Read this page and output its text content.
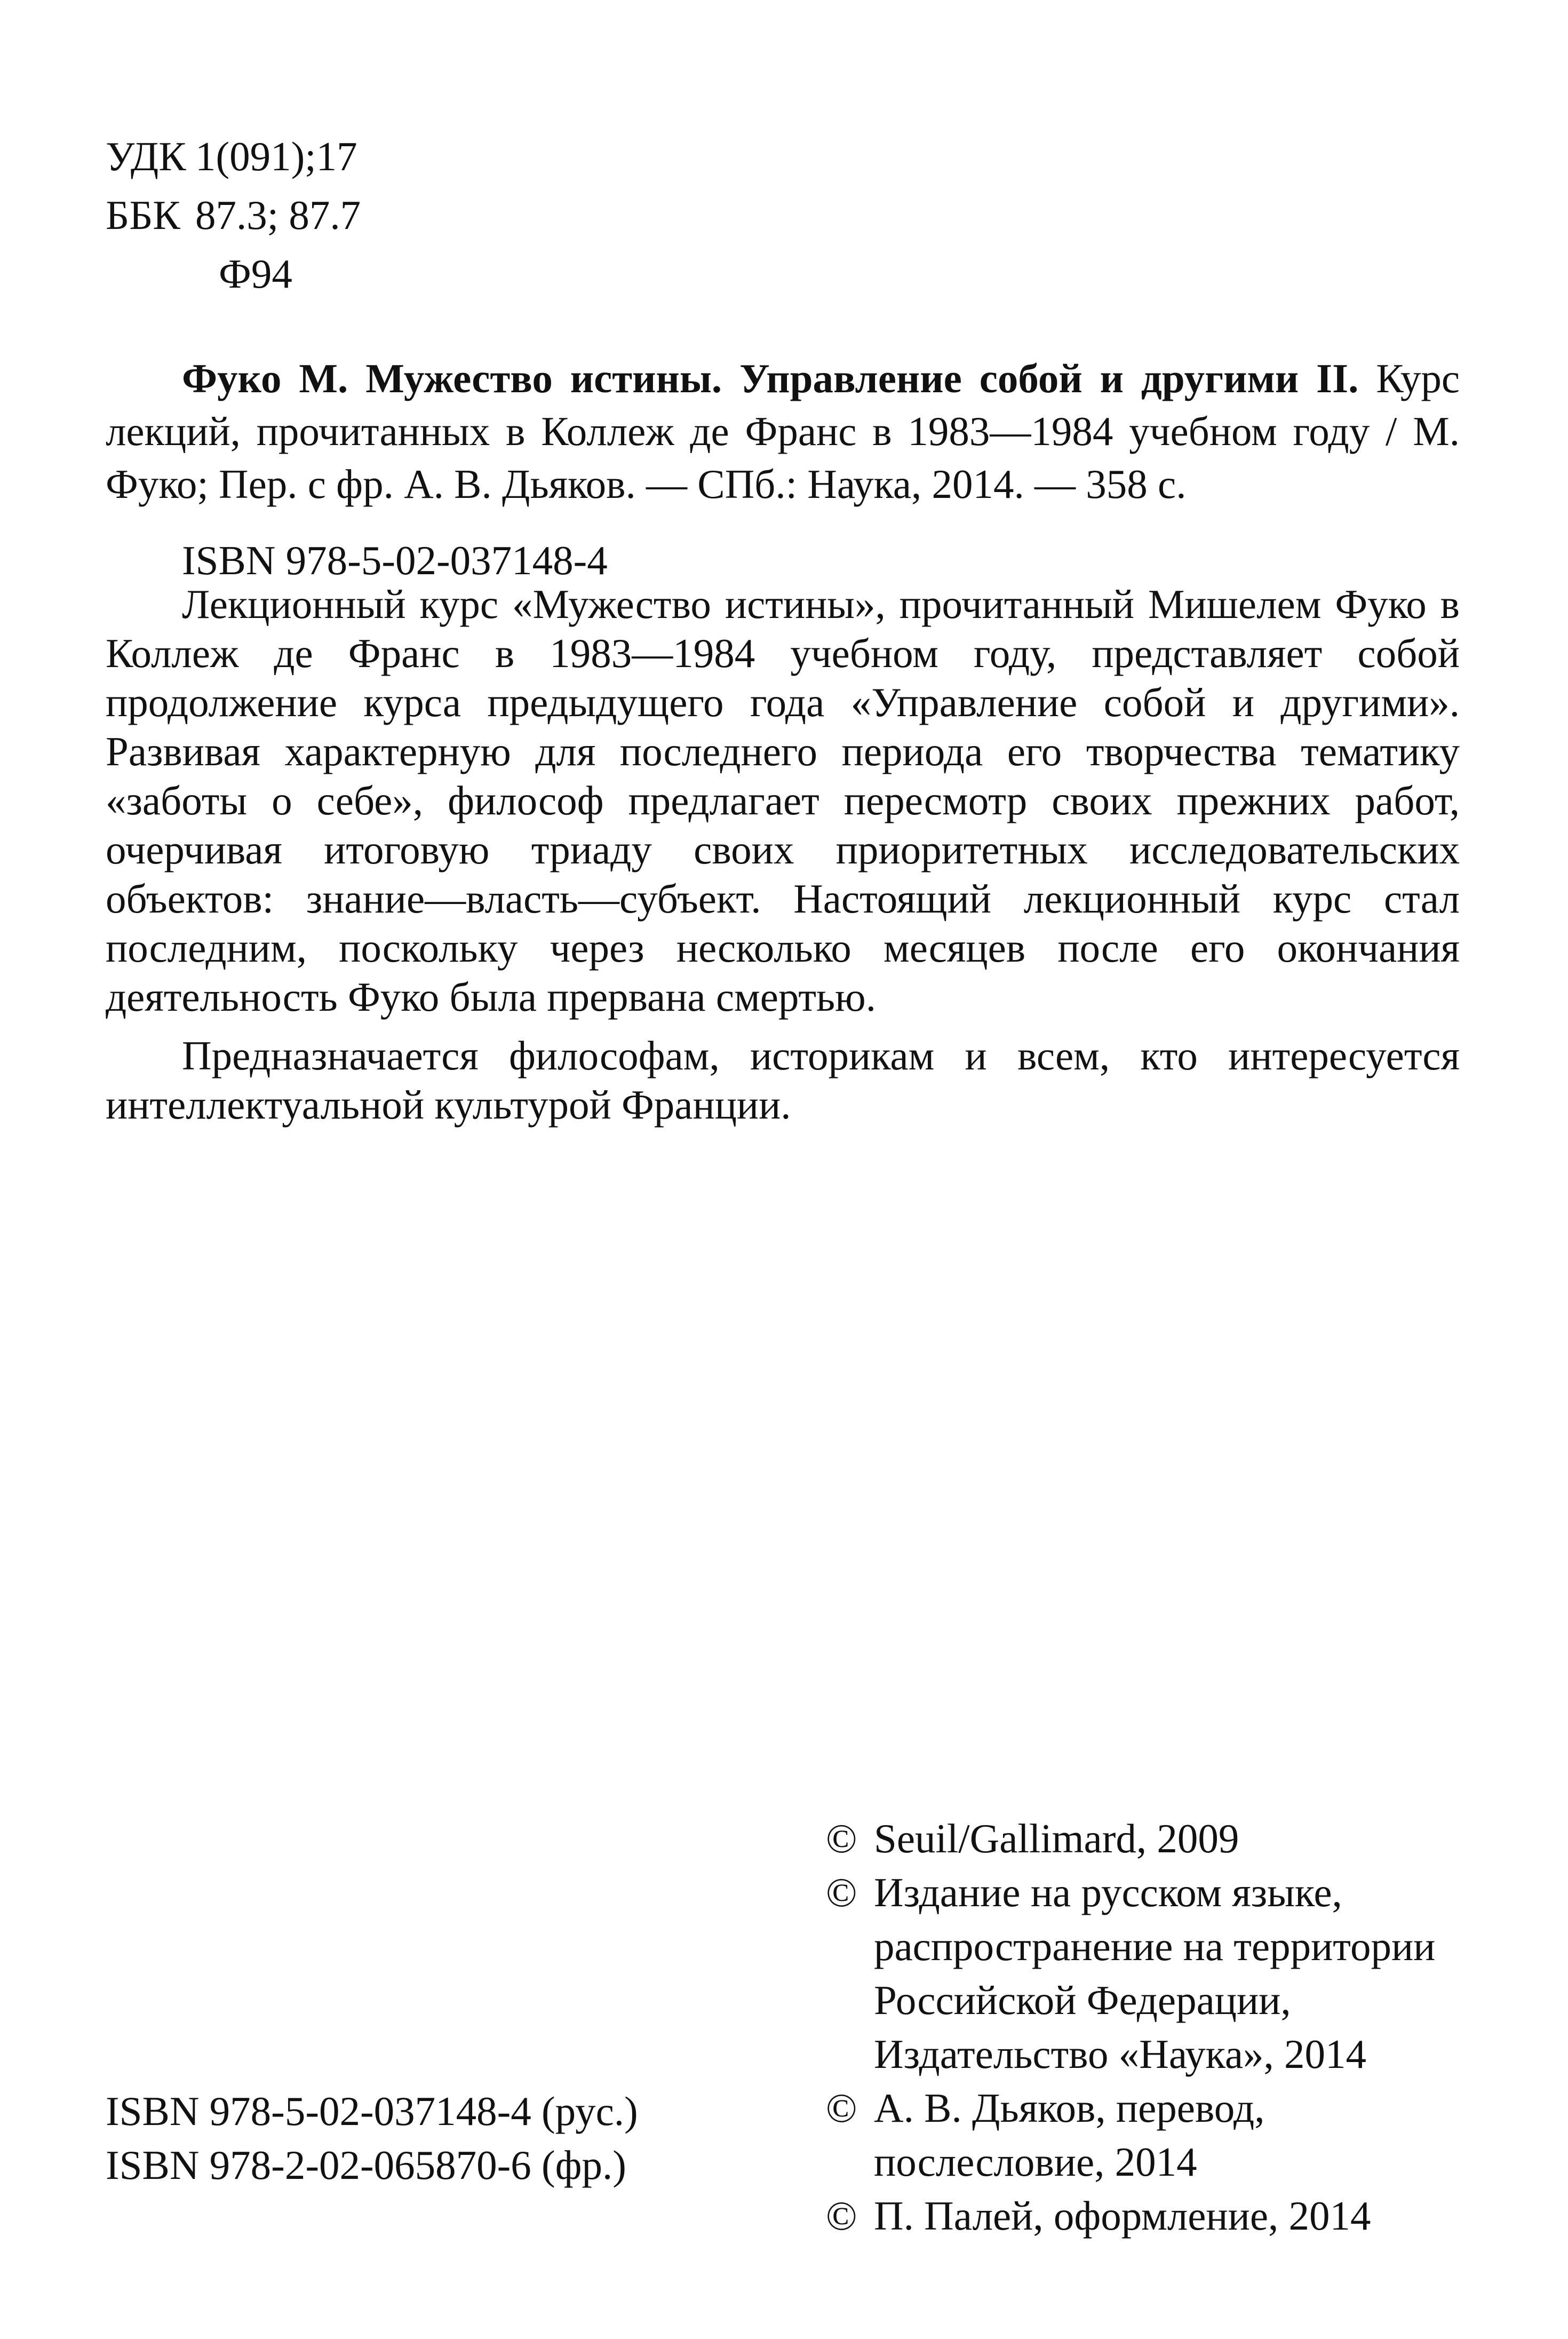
УДК 1(091);17
ББК 87.3; 87.7
Ф94
Фуко М. Мужество истины. Управление собой и другими II. Курс лекций, прочитанных в Коллеж де Франс в 1983—1984 учебном году / М. Фуко; Пер. с фр. А. В. Дьяков. — СПб.: Наука, 2014. — 358 с.
ISBN 978-5-02-037148-4

Лекционный курс «Мужество истины», прочитанный Мишелем Фуко в Коллеж де Франс в 1983—1984 учебном году, представляет собой продолжение курса предыдущего года «Управление собой и другими». Развивая характерную для последнего периода его творчества тематику «заботы о себе», философ предлагает пересмотр своих прежних работ, очерчивая итоговую триаду своих приоритетных исследовательских объектов: знание—власть—субъект. Настоящий лекционный курс стал последним, поскольку через несколько месяцев после его окончания деятельность Фуко была прервана смертью.

Предназначается философам, историкам и всем, кто интересуется интеллектуальной культурой Франции.

© Seuil/Gallimard, 2009
© Издание на русском языке,
распространение на территории
Российской Федерации,
Издательство «Наука», 2014
© А. В. Дьяков, перевод,
послесловие, 2014
© П. Палей, оформление, 2014
ISBN 978-5-02-037148-4 (рус.)
ISBN 978-2-02-065870-6 (фр.)
